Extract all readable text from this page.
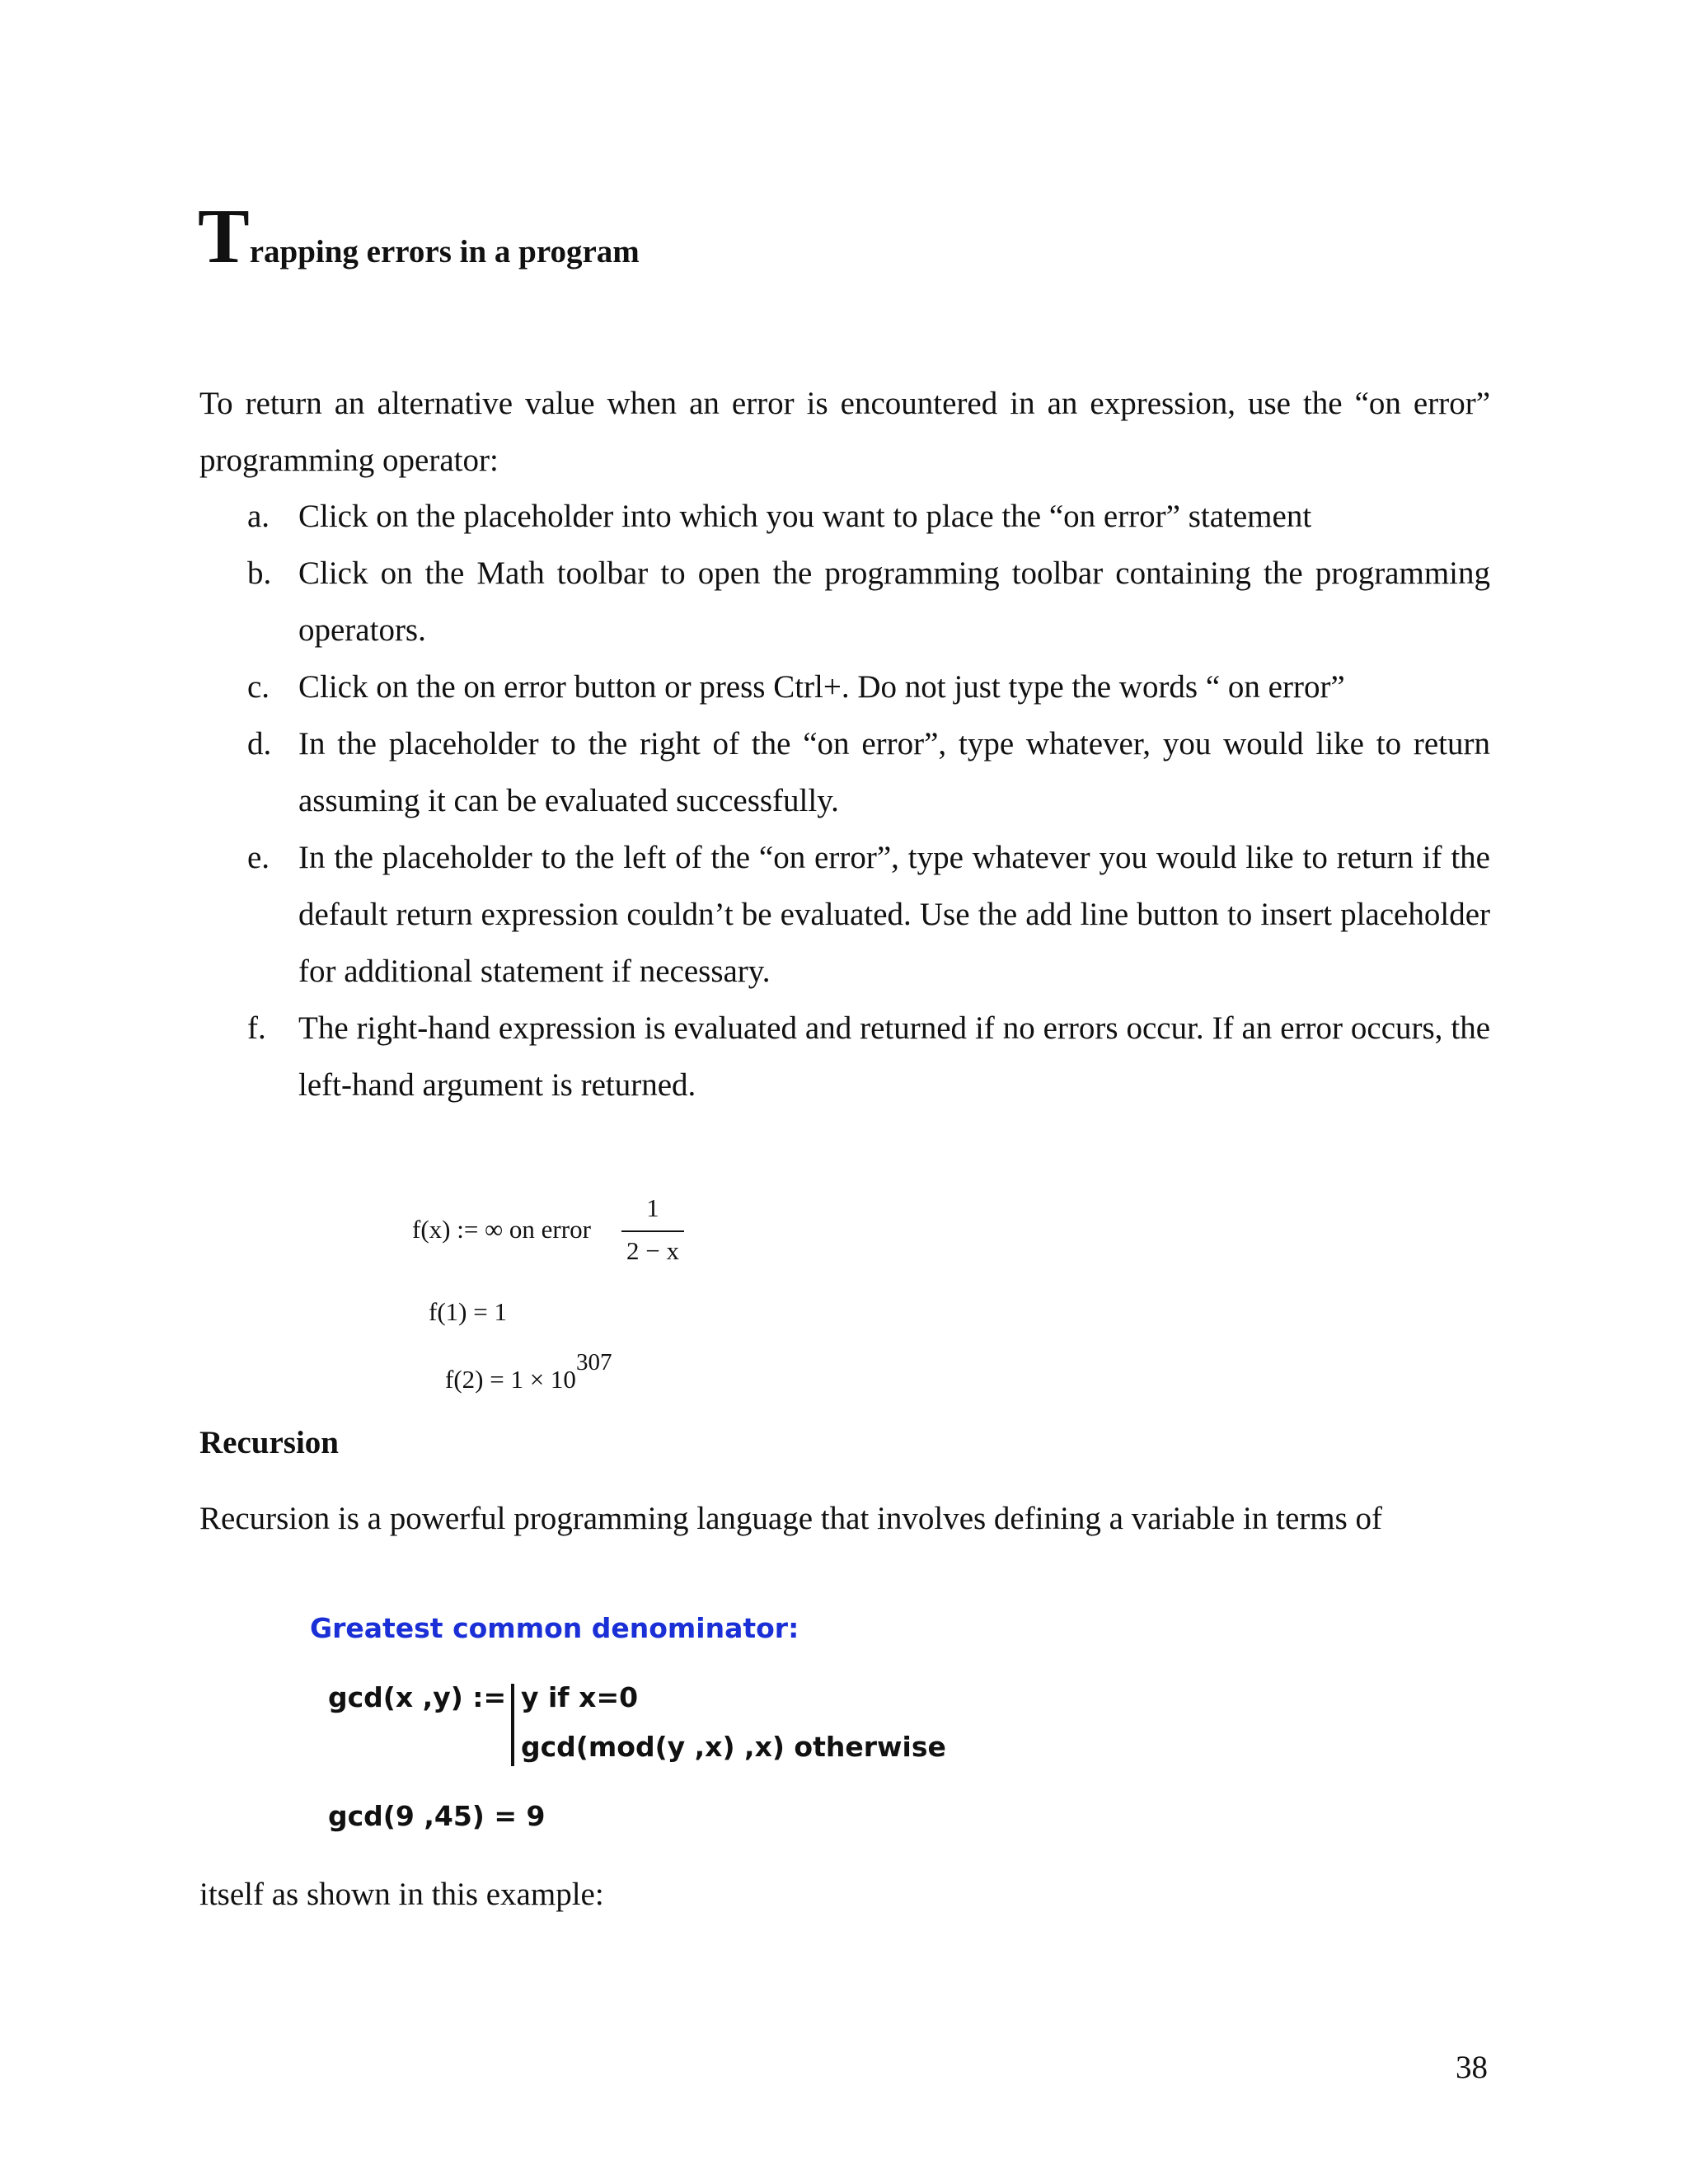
Trapping errors in a program

To return an alternative value when an error is encountered in an expression, use the “on error” programming operator:

a. Click on the placeholder into which you want to place the “on error” statement
b. Click on the Math toolbar to open the programming toolbar containing the programming operators.
c. Click on the on error button or press Ctrl+. Do not just type the words “ on error”
d. In the placeholder to the right of the “on error”, type whatever, you would like to return assuming it can be evaluated successfully.
e. In the placeholder to the left of the “on error”, type whatever you would like to return if the default return expression couldn’t be evaluated. Use the add line button to insert placeholder for additional statement if necessary.
f. The right-hand expression is evaluated and returned if no errors occur. If an error occurs, the left-hand argument is returned.
f(x) := ∞ on error
1
2 − x
f(1) = 1
f(2) = 1 × 10307
Recursion

Recursion is a powerful programming language that involves defining a variable in terms of

Greatest common denominator:
gcd(x ,y) := y if x=0
gcd(mod(y ,x) ,x) otherwise
gcd(9 ,45) = 9

itself as shown in this example:

38
